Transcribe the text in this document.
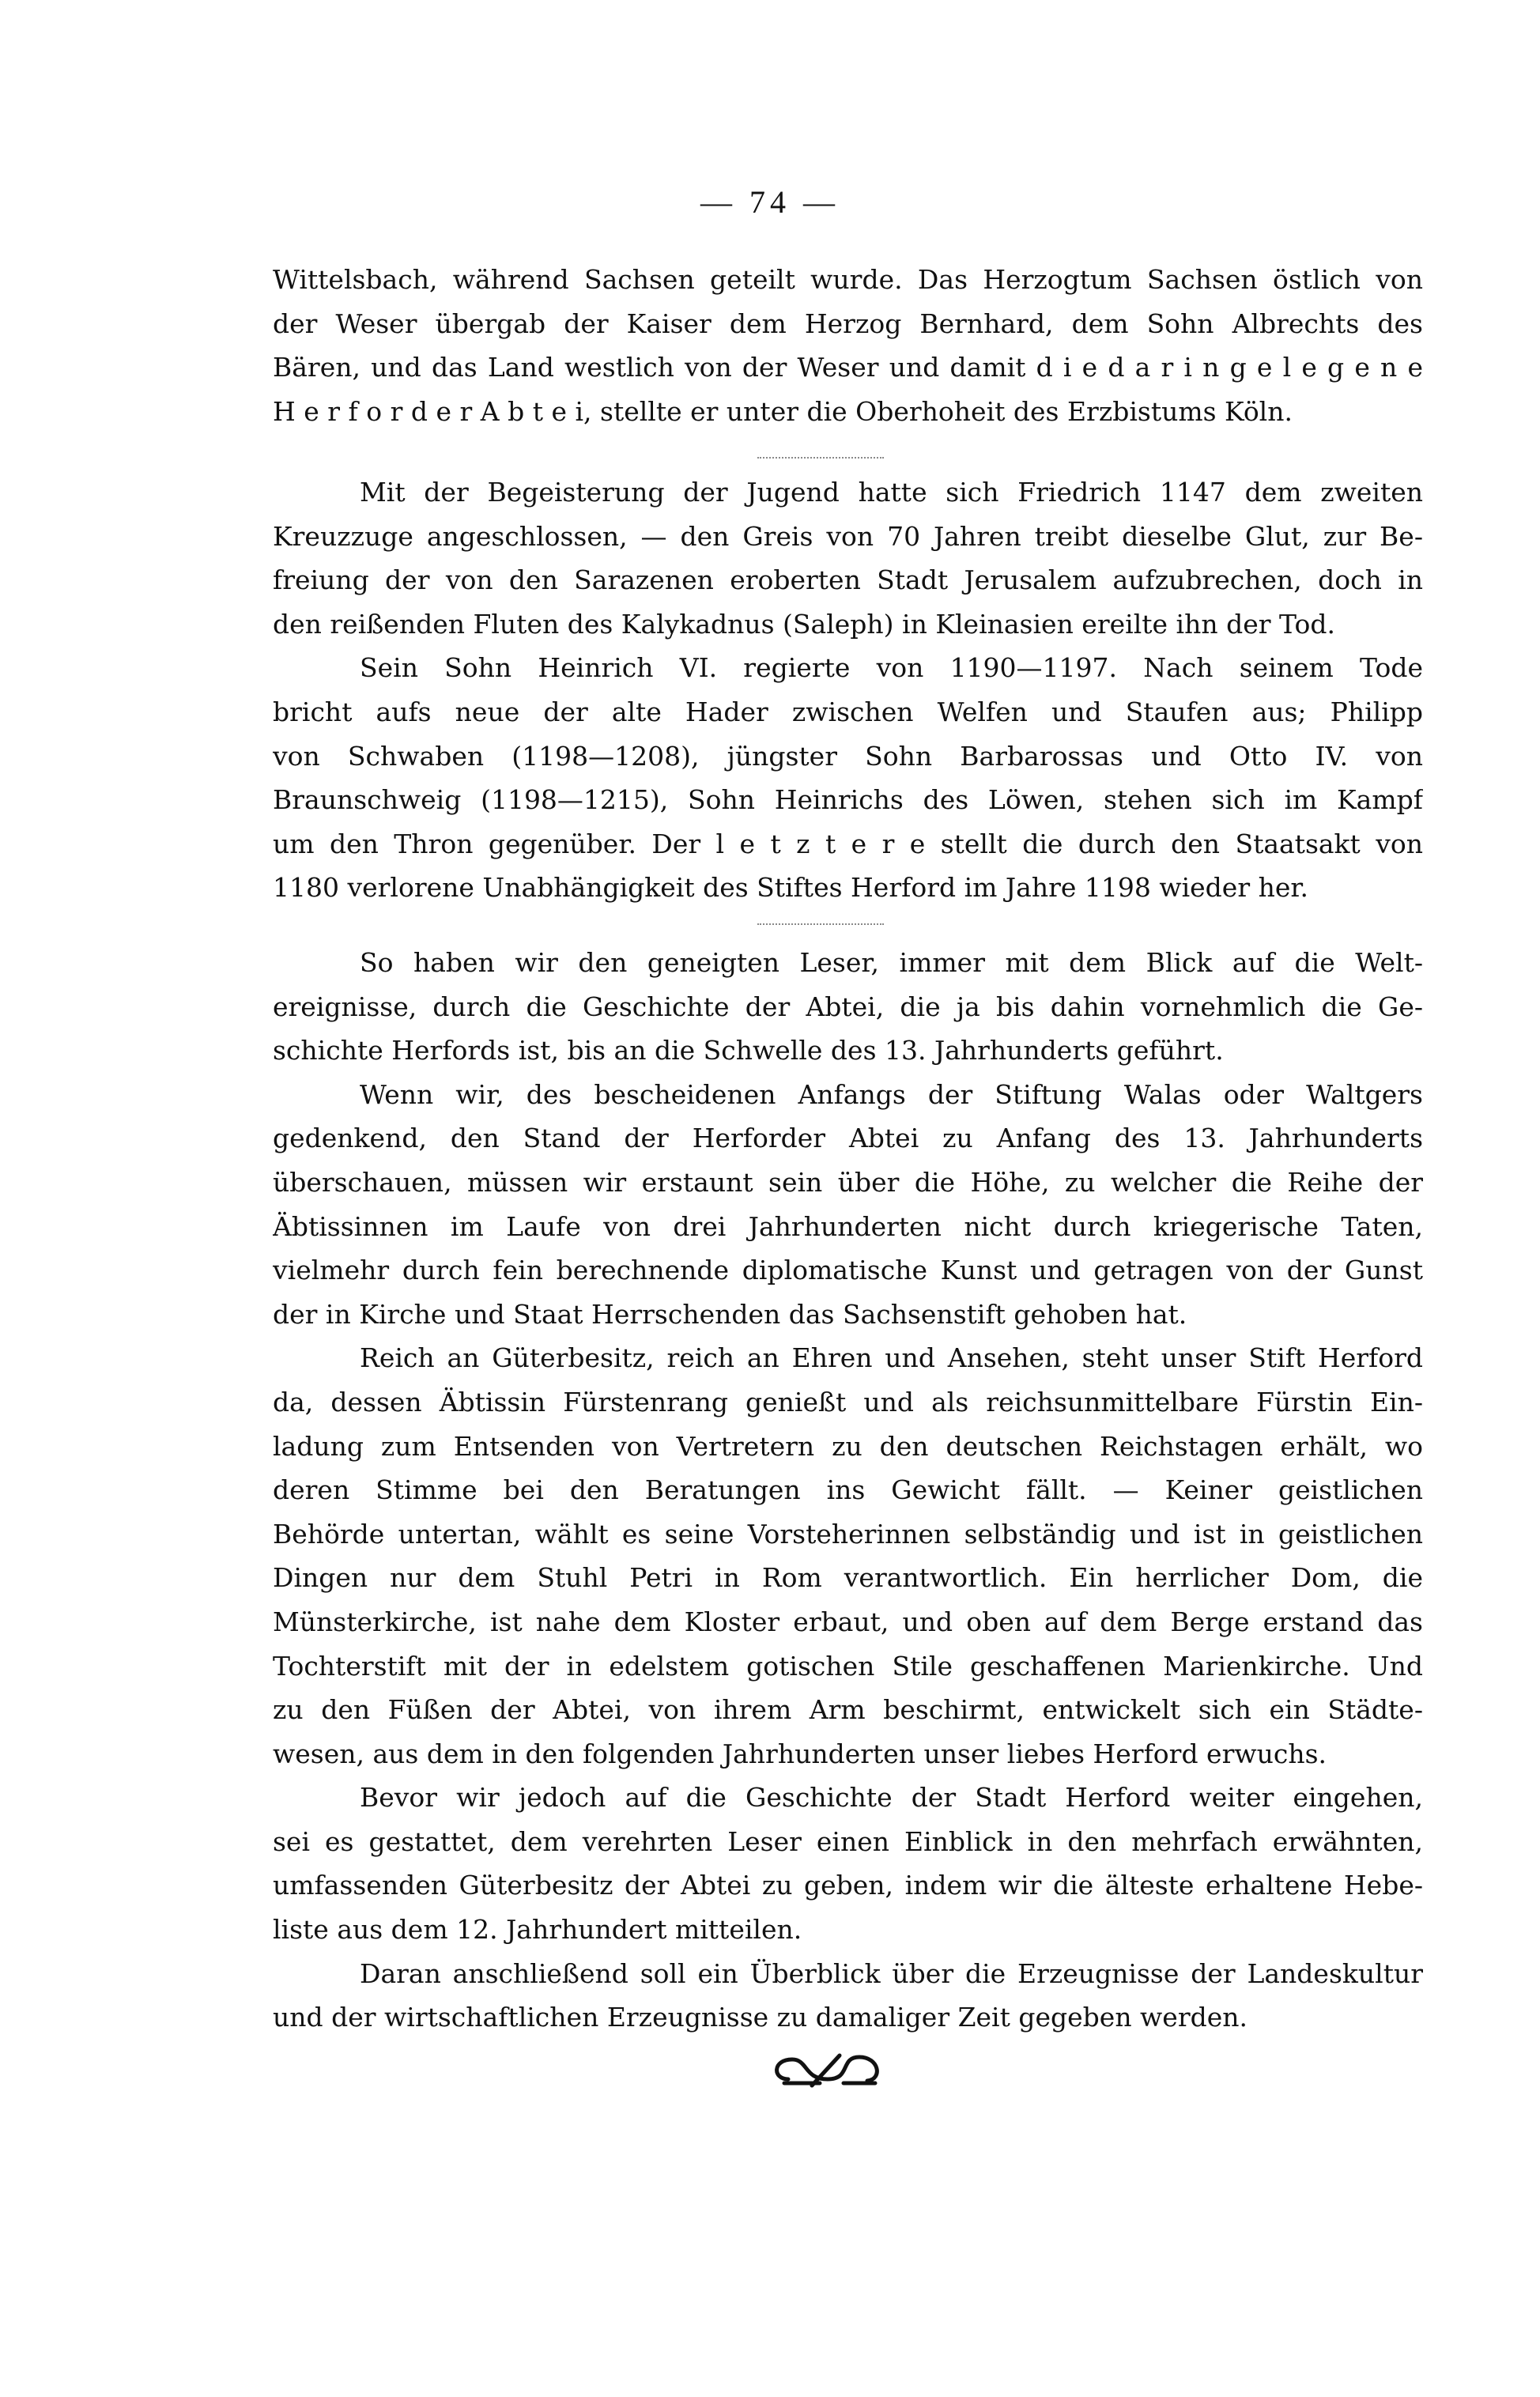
— 74 —
Wittelsbach, während Sachsen geteilt wurde. Das Herzogtum Sachsen östlich von
der Weser übergab der Kaiser dem Herzog Bernhard, dem Sohn Albrechts des
Bären, und das Land westlich von der Weser und damit d i e d a r i n g e l e g e n e
H e r f o r d e r A b t e i, stellte er unter die Oberhoheit des Erzbistums Köln.
Mit der Begeisterung der Jugend hatte sich Friedrich 1147 dem zweiten
Kreuzzuge angeschlossen, — den Greis von 70 Jahren treibt dieselbe Glut, zur Be-
freiung der von den Sarazenen eroberten Stadt Jerusalem aufzubrechen, doch in
den reißenden Fluten des Kalykadnus (Saleph) in Kleinasien ereilte ihn der Tod.
Sein Sohn Heinrich VI. regierte von 1190—1197. Nach seinem Tode
bricht aufs neue der alte Hader zwischen Welfen und Staufen aus; Philipp
von Schwaben (1198—1208), jüngster Sohn Barbarossas und Otto IV. von
Braunschweig (1198—1215), Sohn Heinrichs des Löwen, stehen sich im Kampf
um den Thron gegenüber. Der l e t z t e r e stellt die durch den Staatsakt von
1180 verlorene Unabhängigkeit des Stiftes Herford im Jahre 1198 wieder her.
So haben wir den geneigten Leser, immer mit dem Blick auf die Welt-
ereignisse, durch die Geschichte der Abtei, die ja bis dahin vornehmlich die Ge-
schichte Herfords ist, bis an die Schwelle des 13. Jahrhunderts geführt.
Wenn wir, des bescheidenen Anfangs der Stiftung Walas oder Waltgers
gedenkend, den Stand der Herforder Abtei zu Anfang des 13. Jahrhunderts
überschauen, müssen wir erstaunt sein über die Höhe, zu welcher die Reihe der
Äbtissinnen im Laufe von drei Jahrhunderten nicht durch kriegerische Taten,
vielmehr durch fein berechnende diplomatische Kunst und getragen von der Gunst
der in Kirche und Staat Herrschenden das Sachsenstift gehoben hat.
Reich an Güterbesitz, reich an Ehren und Ansehen, steht unser Stift Herford
da, dessen Äbtissin Fürstenrang genießt und als reichsunmittelbare Fürstin Ein-
ladung zum Entsenden von Vertretern zu den deutschen Reichstagen erhält, wo
deren Stimme bei den Beratungen ins Gewicht fällt. — Keiner geistlichen
Behörde untertan, wählt es seine Vorsteherinnen selbständig und ist in geistlichen
Dingen nur dem Stuhl Petri in Rom verantwortlich. Ein herrlicher Dom, die
Münsterkirche, ist nahe dem Kloster erbaut, und oben auf dem Berge erstand das
Tochterstift mit der in edelstem gotischen Stile geschaffenen Marienkirche. Und
zu den Füßen der Abtei, von ihrem Arm beschirmt, entwickelt sich ein Städte-
wesen, aus dem in den folgenden Jahrhunderten unser liebes Herford erwuchs.
Bevor wir jedoch auf die Geschichte der Stadt Herford weiter eingehen,
sei es gestattet, dem verehrten Leser einen Einblick in den mehrfach erwähnten,
umfassenden Güterbesitz der Abtei zu geben, indem wir die älteste erhaltene Hebe-
liste aus dem 12. Jahrhundert mitteilen.
Daran anschließend soll ein Überblick über die Erzeugnisse der Landeskultur
und der wirtschaftlichen Erzeugnisse zu damaliger Zeit gegeben werden.
